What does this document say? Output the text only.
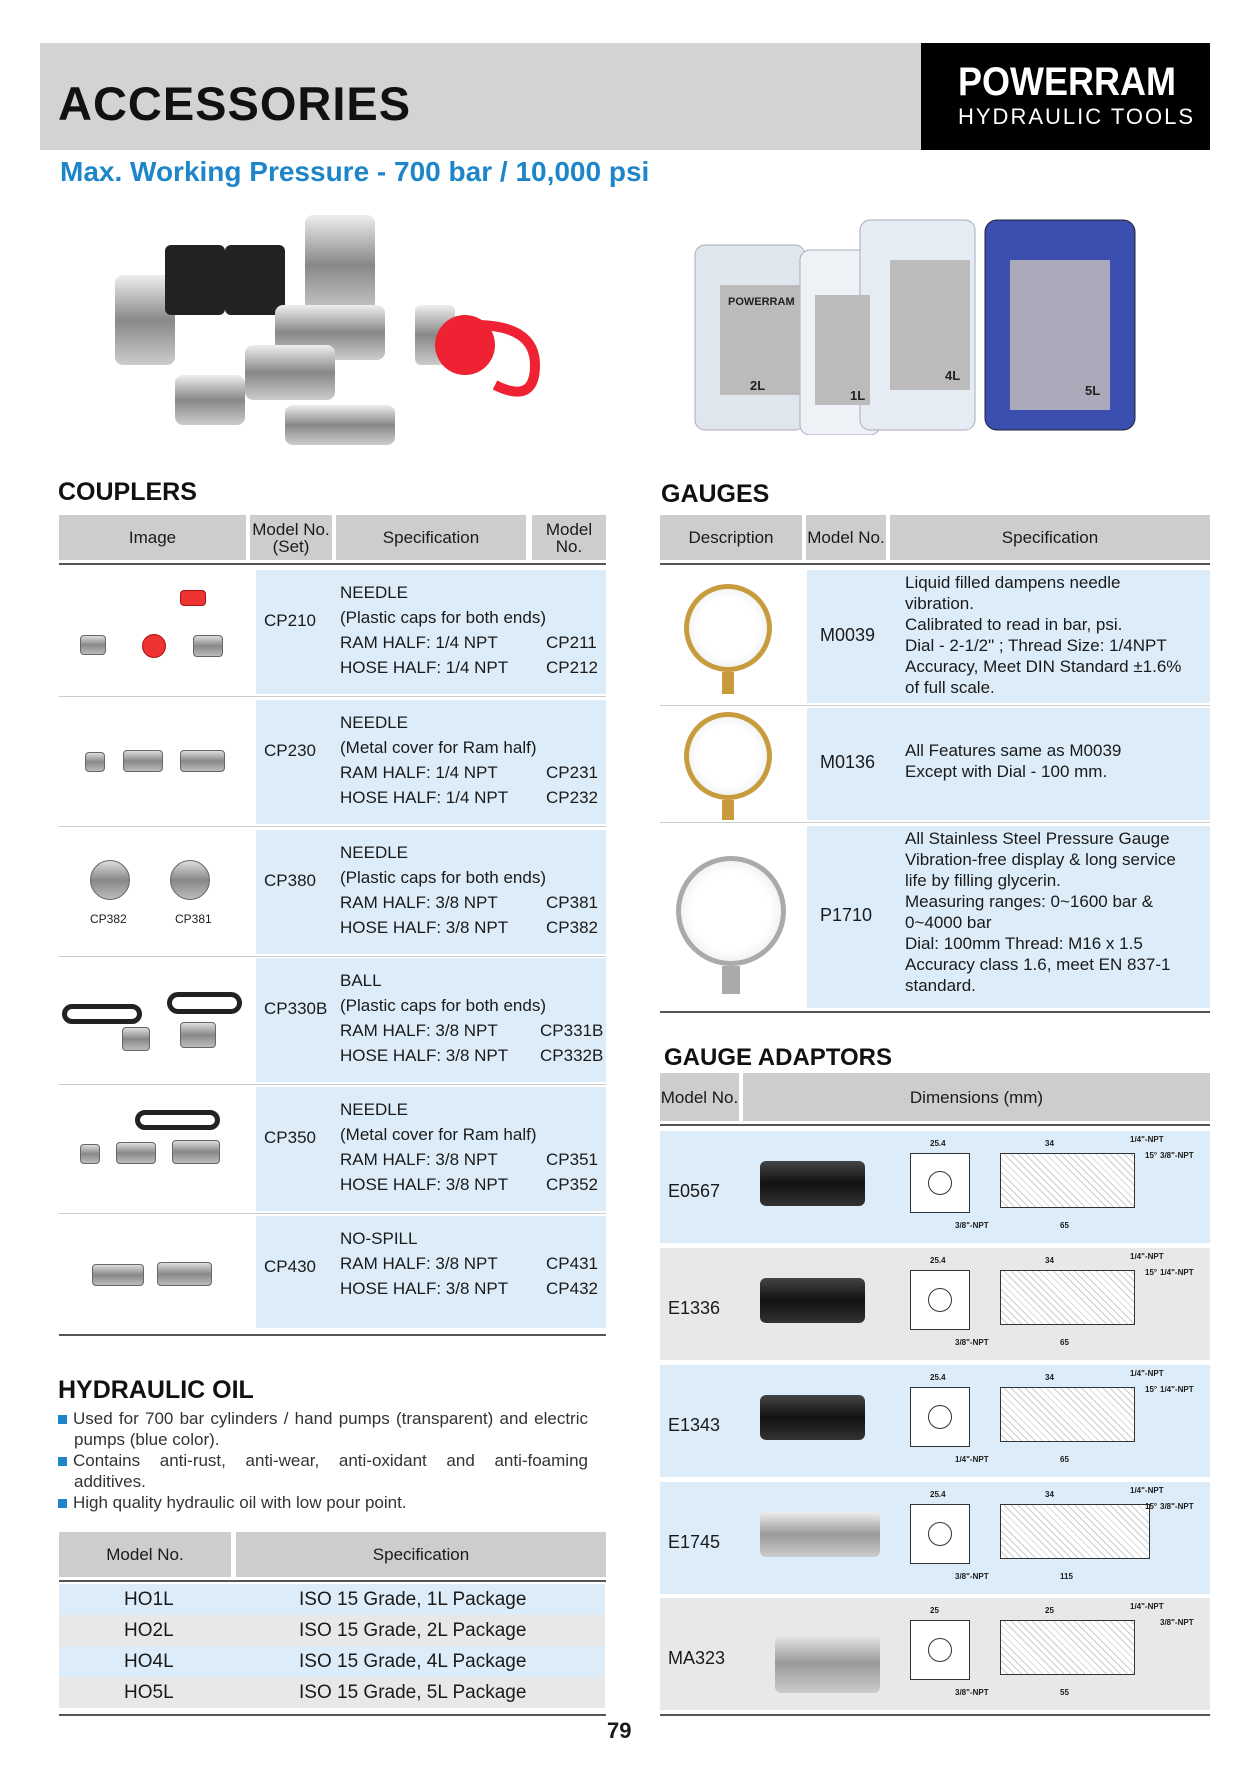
ACCESSORIES	POWERRAM
HYDRAULIC TOOLS
Max. Working Pressure - 700 bar / 10,000 psi
POWERRAM
2L
1L
4L
5L
COUPLERS
Image	Model No. (Set)	Specification	Model No.
CP382	CP381
HYDRAULIC OIL
Used for 700 bar cylinders / hand pumps (transparent) and electric pumps (blue color).
Contains anti-rust, anti-wear, anti-oxidant and anti-foaming additives.
High quality hydraulic oil with low pour point.
Model No.	Specification
GAUGES
Description	Model No.	Specification
GAUGE ADAPTORS
Model No.	Dimensions (mm)
79
CP210
NEEDLE
(Plastic caps for both ends)
RAM HALF: 1/4 NPT	CP211
HOSE HALF: 1/4 NPT CP212
CP230
NEEDLE
(Metal cover for Ram half)
RAM HALF: 1/4 NPT	CP231
HOSE HALF: 1/4 NPT CP232
CP380
NEEDLE
(Plastic caps for both ends)
RAM HALF: 3/8 NPT	CP381
HOSE HALF: 3/8 NPT CP382
CP330B
BALL
(Plastic caps for both ends)
RAM HALF: 3/8 NPT CP331B
HOSE HALF: 3/8 NPT CP332B
CP350
NEEDLE
(Metal cover for Ram half)
RAM HALF: 3/8 NPT	CP351
HOSE HALF: 3/8 NPT CP352
CP430
NO-SPILL
RAM HALF: 3/8 NPT	CP431
HOSE HALF: 3/8 NPT CP432
HO1L	ISO 15 Grade, 1L Package
HO2L	ISO 15 Grade, 2L Package
HO4L	ISO 15 Grade, 4L Package
HO5L	ISO 15 Grade, 5L Package
M0039
Liquid filled dampens needle
vibration.
Calibrated to read in bar, psi.
Dial - 2-1/2" ; Thread Size: 1/4NPT
Accuracy, Meet DIN Standard ±1.6%
of full scale.
M0136
All Features same as M0039
Except with Dial - 100 mm.
P1710
All Stainless Steel Pressure Gauge
Vibration-free display & long service
life by filling glycerin.
Measuring ranges: 0~1600 bar &
0~4000 bar
Dial: 100mm Thread: M16 x 1.5
Accuracy class 1.6, meet EN 837-1
standard.
E0567
25.4	34
65
1/4"-NPT
3/8"-NPT
3/8"-NPT
15°
E1336
25.4	34
65
1/4"-NPT
1/4"-NPT
3/8"-NPT
15°
E1343
25.4	34
65
1/4"-NPT
1/4"-NPT
1/4"-NPT
15°
E1745
25.4	34
115
1/4"-NPT
3/8"-NPT
3/8"-NPT
15°
MA323
25	25
55
1/4"-NPT
3/8"-NPT
3/8"-NPT
